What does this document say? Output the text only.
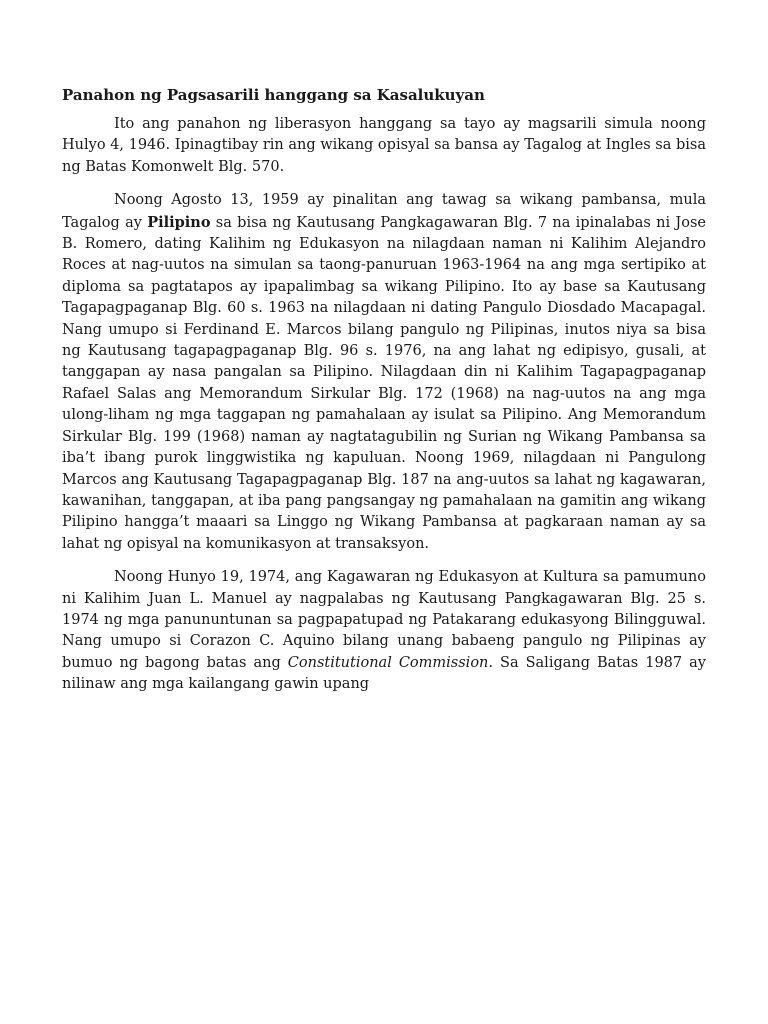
Panahon ng Pagsasarili hanggang sa Kasalukuyan

Ito ang panahon ng liberasyon hanggang sa tayo ay magsarili simula noong Hulyo 4, 1946. Ipinagtibay rin ang wikang opisyal sa bansa ay Tagalog at Ingles sa bisa ng Batas Komonwelt Blg. 570.

Noong Agosto 13, 1959 ay pinalitan ang tawag sa wikang pambansa, mula Tagalog ay Pilipino sa bisa ng Kautusang Pangkagawaran Blg. 7 na ipinalabas ni Jose B. Romero, dating Kalihim ng Edukasyon na nilagdaan naman ni Kalihim Alejandro Roces at nag-uutos na simulan sa taong-panuruan 1963-1964 na ang mga sertipiko at diploma sa pagtatapos ay ipapalimbag sa wikang Pilipino. Ito ay base sa Kautusang Tagapagpaganap Blg. 60 s. 1963 na nilagdaan ni dating Pangulo Diosdado Macapagal. Nang umupo si Ferdinand E. Marcos bilang pangulo ng Pilipinas, inutos niya sa bisa ng Kautusang tagapagpaganap Blg. 96 s. 1976, na ang lahat ng edipisyo, gusali, at tanggapan ay nasa pangalan sa Pilipino. Nilagdaan din ni Kalihim Tagapagpaganap Rafael Salas ang Memorandum Sirkular Blg. 172 (1968) na nag-uutos na ang mga ulong-liham ng mga taggapan ng pamahalaan ay isulat sa Pilipino. Ang Memorandum Sirkular Blg. 199 (1968) naman ay nagtatagubilin ng Surian ng Wikang Pambansa sa iba’t ibang purok linggwistika ng kapuluan. Noong 1969, nilagdaan ni Pangulong Marcos ang Kautusang Tagapagpaganap Blg. 187 na ang-uutos sa lahat ng kagawaran, kawanihan, tanggapan, at iba pang pangsangay ng pamahalaan na gamitin ang wikang Pilipino hangga’t maaari sa Linggo ng Wikang Pambansa at pagkaraan naman ay sa lahat ng opisyal na komunikasyon at transaksyon.

Noong Hunyo 19, 1974, ang Kagawaran ng Edukasyon at Kultura sa pamumuno ni Kalihim Juan L. Manuel ay nagpalabas ng Kautusang Pangkagawaran Blg. 25 s. 1974 ng mga panununtunan sa pagpapatupad ng Patakarang edukasyong Bilingguwal. Nang umupo si Corazon C. Aquino bilang unang babaeng pangulo ng Pilipinas ay bumuo ng bagong batas ang Constitutional Commission. Sa Saligang Batas 1987 ay nilinaw ang mga kailangang gawin upang
